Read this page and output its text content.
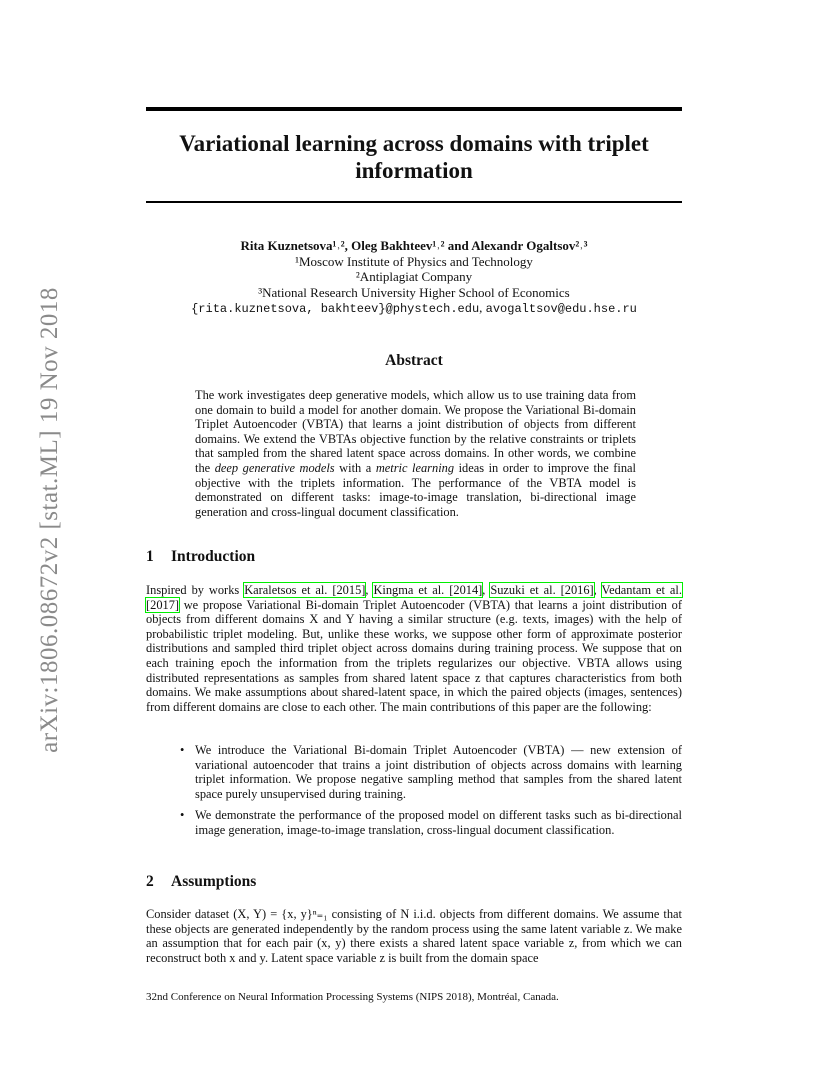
arXiv:1806.08672v2 [stat.ML] 19 Nov 2018
Variational learning across domains with triplet information
Rita Kuznetsova¹˒², Oleg Bakhteev¹˒² and Alexandr Ogaltsov²˒³
¹Moscow Institute of Physics and Technology
²Antiplagiat Company
³National Research University Higher School of Economics
{rita.kuznetsova, bakhteev}@phystech.edu, avogaltsov@edu.hse.ru
Abstract
The work investigates deep generative models, which allow us to use training data from one domain to build a model for another domain. We propose the Variational Bi-domain Triplet Autoencoder (VBTA) that learns a joint distribution of objects from different domains. We extend the VBTAs objective function by the relative constraints or triplets that sampled from the shared latent space across domains. In other words, we combine the deep generative models with a metric learning ideas in order to improve the final objective with the triplets information. The performance of the VBTA model is demonstrated on different tasks: image-to-image translation, bi-directional image generation and cross-lingual document classification.
1 Introduction
Inspired by works Karaletsos et al. [2015], Kingma et al. [2014], Suzuki et al. [2016], Vedantam et al. [2017] we propose Variational Bi-domain Triplet Autoencoder (VBTA) that learns a joint distribution of objects from different domains X and Y having a similar structure (e.g. texts, images) with the help of probabilistic triplet modeling. But, unlike these works, we suppose other form of approximate posterior distributions and sampled third triplet object across domains during training process. We suppose that on each training epoch the information from the triplets regularizes our objective. VBTA allows using distributed representations as samples from shared latent space z that captures characteristics from both domains. We make assumptions about shared-latent space, in which the paired objects (images, sentences) from different domains are close to each other. The main contributions of this paper are the following:
• We introduce the Variational Bi-domain Triplet Autoencoder (VBTA) — new extension of variational autoencoder that trains a joint distribution of objects across domains with learning triplet information. We propose negative sampling method that samples from the shared latent space purely unsupervised during training.
• We demonstrate the performance of the proposed model on different tasks such as bi-directional image generation, image-to-image translation, cross-lingual document classification.
2 Assumptions
Consider dataset (X, Y) = {x, y}ⁿ₌₁ consisting of N i.i.d. objects from different domains. We assume that these objects are generated independently by the random process using the same latent variable z. We make an assumption that for each pair (x, y) there exists a shared latent space variable z, from which we can reconstruct both x and y. Latent space variable z is built from the domain space
32nd Conference on Neural Information Processing Systems (NIPS 2018), Montréal, Canada.
